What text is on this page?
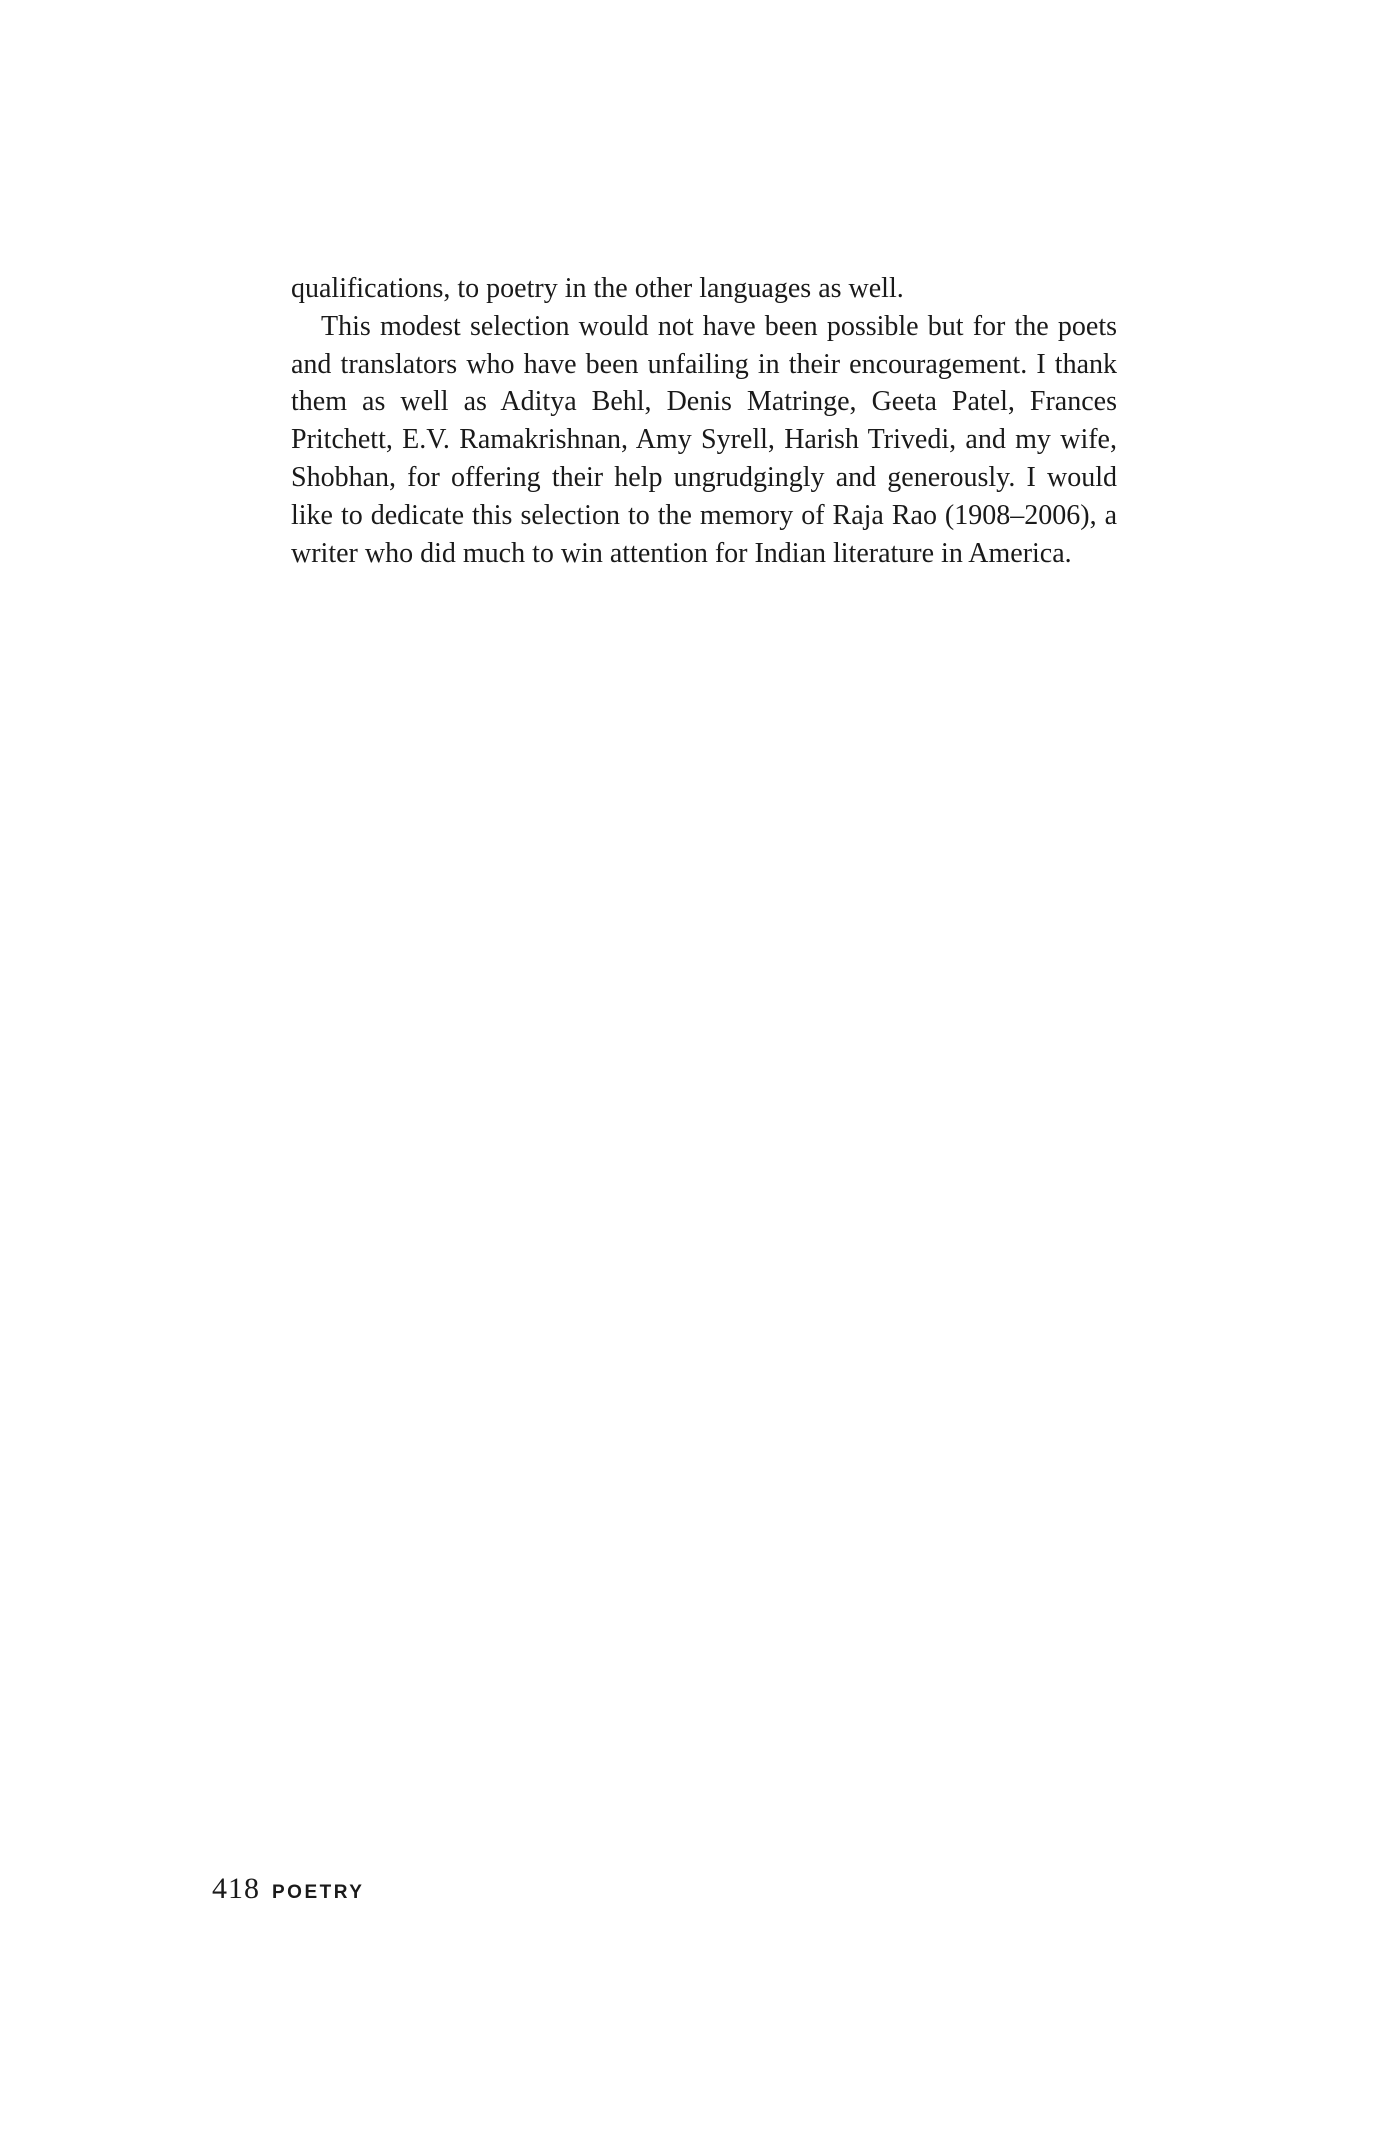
qualifications, to poetry in the other languages as well.

This modest selection would not have been possible but for the poets and translators who have been unfailing in their encouragement. I thank them as well as Aditya Behl, Denis Matringe, Geeta Patel, Frances Pritchett, E.V. Ramakrishnan, Amy Syrell, Harish Trivedi, and my wife, Shobhan, for offering their help ungrudgingly and generously. I would like to dedicate this selection to the memory of Raja Rao (1908–2006), a writer who did much to win attention for Indian literature in America.

418 POETRY
